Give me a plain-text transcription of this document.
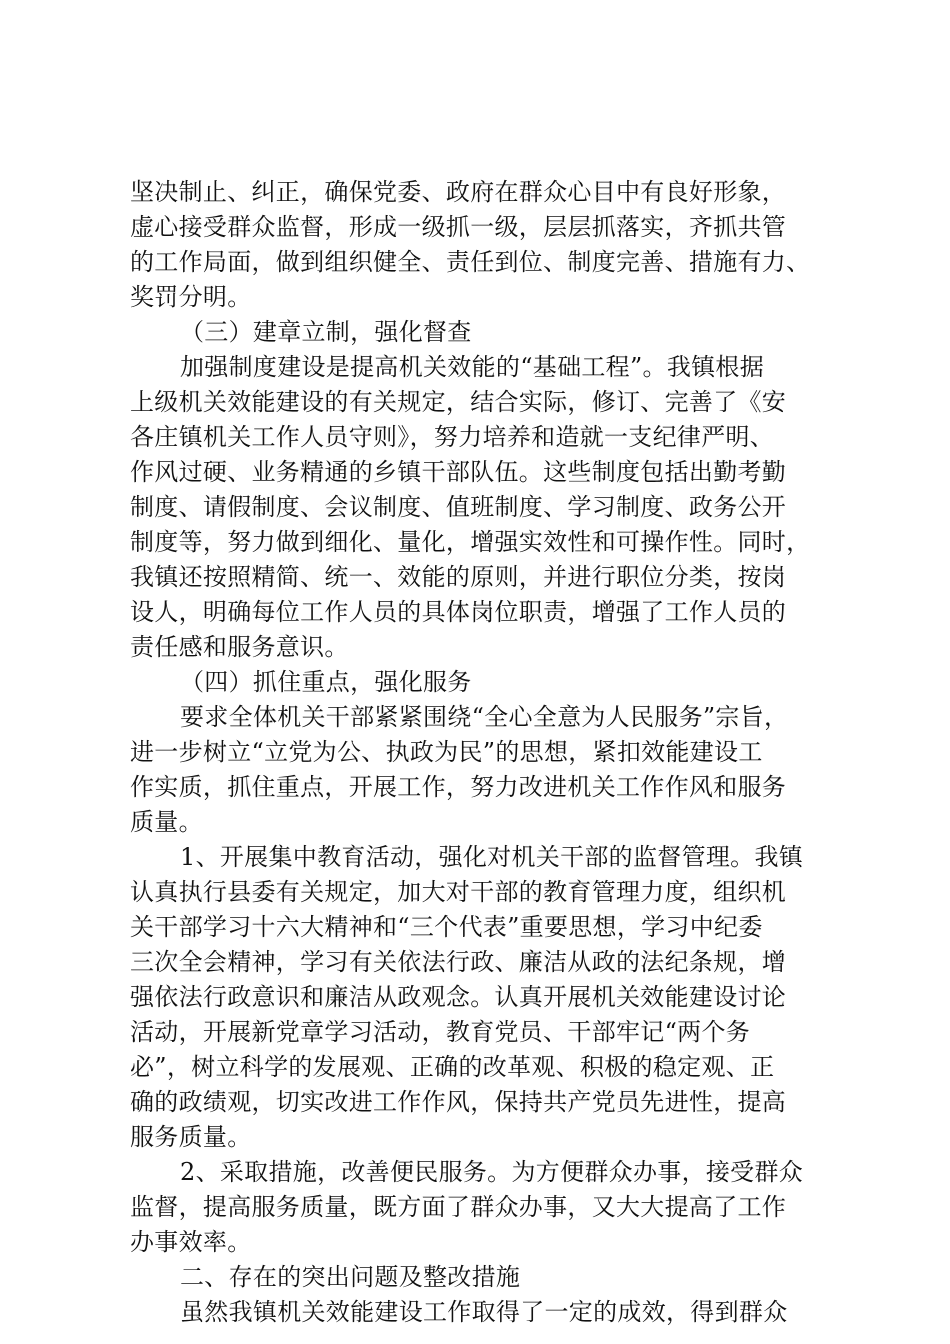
坚决制止、纠正，确保党委、政府在群众心目中有良好形象，
虚心接受群众监督，形成一级抓一级，层层抓落实，齐抓共管
的工作局面，做到组织健全、责任到位、制度完善、措施有力、
奖罚分明。
（三）建章立制，强化督查
加强制度建设是提高机关效能的“基础工程”。我镇根据
上级机关效能建设的有关规定，结合实际，修订、完善了《安
各庄镇机关工作人员守则》，努力培养和造就一支纪律严明、
作风过硬、业务精通的乡镇干部队伍。这些制度包括出勤考勤
制度、请假制度、会议制度、值班制度、学习制度、政务公开
制度等，努力做到细化、量化，增强实效性和可操作性。同时，
我镇还按照精简、统一、效能的原则，并进行职位分类，按岗
设人，明确每位工作人员的具体岗位职责，增强了工作人员的
责任感和服务意识。
（四）抓住重点，强化服务
要求全体机关干部紧紧围绕“全心全意为人民服务”宗旨，
进一步树立“立党为公、执政为民”的思想，紧扣效能建设工
作实质，抓住重点，开展工作，努力改进机关工作作风和服务
质量。
1、开展集中教育活动，强化对机关干部的监督管理。我镇
认真执行县委有关规定，加大对干部的教育管理力度，组织机
关干部学习十六大精神和“三个代表”重要思想，学习中纪委
三次全会精神，学习有关依法行政、廉洁从政的法纪条规，增
强依法行政意识和廉洁从政观念。认真开展机关效能建设讨论
活动，开展新党章学习活动，教育党员、干部牢记“两个务
必”，树立科学的发展观、正确的改革观、积极的稳定观、正
确的政绩观，切实改进工作作风，保持共产党员先进性，提高
服务质量。
2、采取措施，改善便民服务。为方便群众办事，接受群众
监督，提高服务质量，既方面了群众办事，又大大提高了工作
办事效率。
二、存在的突出问题及整改措施
虽然我镇机关效能建设工作取得了一定的成效，得到群众
